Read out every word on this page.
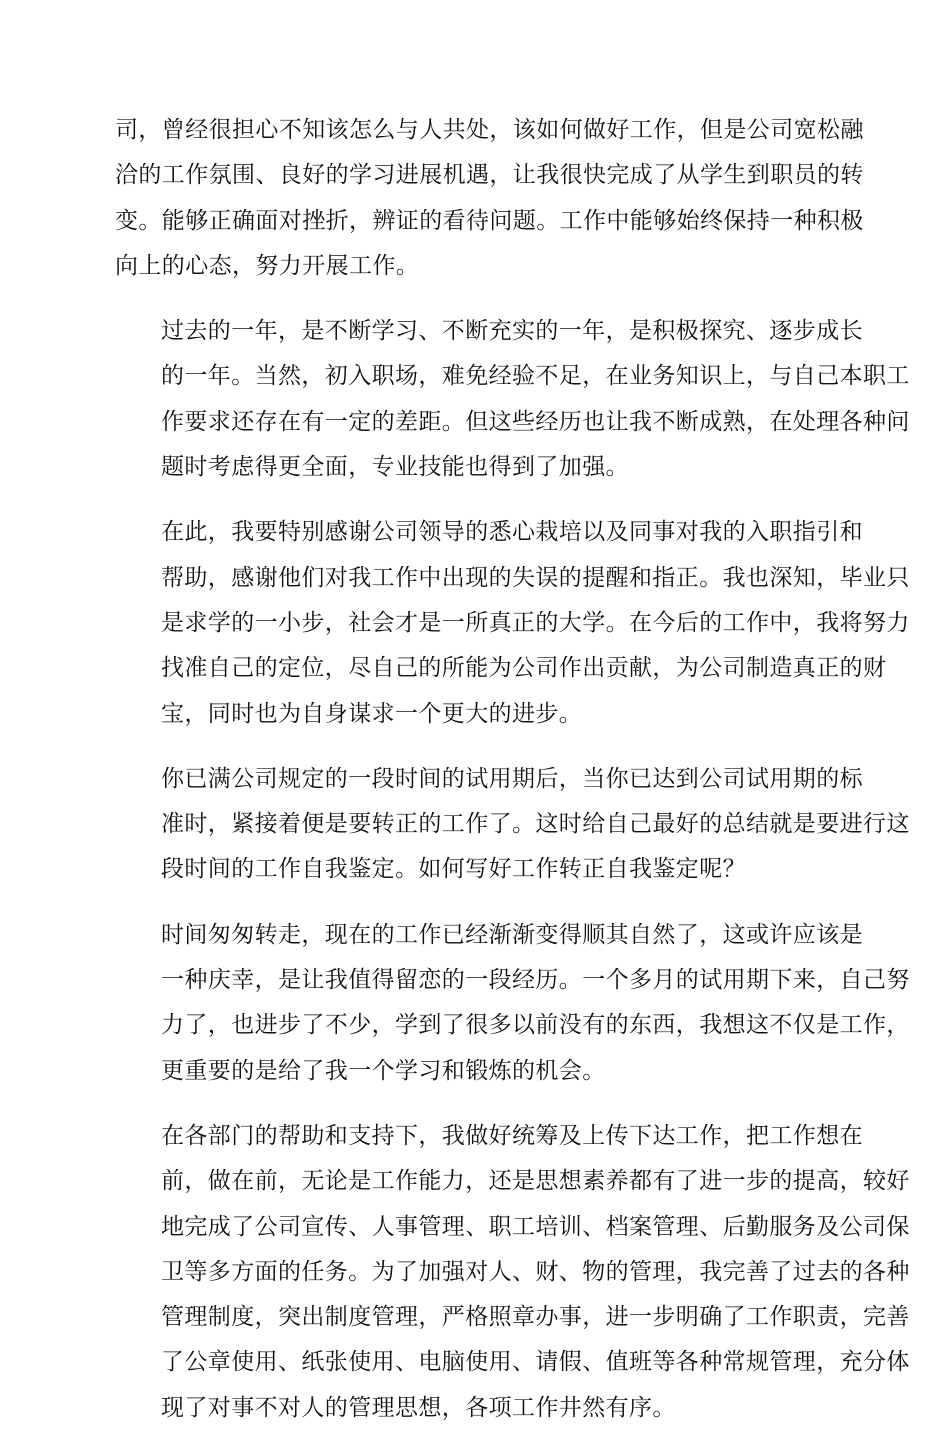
司，曾经很担心不知该怎么与人共处，该如何做好工作，但是公司宽松融
洽的工作氛围、良好的学习进展机遇，让我很快完成了从学生到职员的转
变。能够正确面对挫折，辨证的看待问题。工作中能够始终保持一种积极
向上的心态，努力开展工作。

过去的一年，是不断学习、不断充实的一年，是积极探究、逐步成长
的一年。当然，初入职场，难免经验不足，在业务知识上，与自己本职工
作要求还存在有一定的差距。但这些经历也让我不断成熟，在处理各种问
题时考虑得更全面，专业技能也得到了加强。

在此，我要特别感谢公司领导的悉心栽培以及同事对我的入职指引和
帮助，感谢他们对我工作中出现的失误的提醒和指正。我也深知，毕业只
是求学的一小步，社会才是一所真正的大学。在今后的工作中，我将努力
找准自己的定位，尽自己的所能为公司作出贡献，为公司制造真正的财
宝，同时也为自身谋求一个更大的进步。

你已满公司规定的一段时间的试用期后，当你已达到公司试用期的标
准时，紧接着便是要转正的工作了。这时给自己最好的总结就是要进行这
段时间的工作自我鉴定。如何写好工作转正自我鉴定呢？

时间匆匆转走，现在的工作已经渐渐变得顺其自然了，这或许应该是
一种庆幸，是让我值得留恋的一段经历。一个多月的试用期下来，自己努
力了，也进步了不少，学到了很多以前没有的东西，我想这不仅是工作，
更重要的是给了我一个学习和锻炼的机会。

在各部门的帮助和支持下，我做好统筹及上传下达工作，把工作想在
前，做在前，无论是工作能力，还是思想素养都有了进一步的提高，较好
地完成了公司宣传、人事管理、职工培训、档案管理、后勤服务及公司保
卫等多方面的任务。为了加强对人、财、物的管理，我完善了过去的各种
管理制度，突出制度管理，严格照章办事，进一步明确了工作职责，完善
了公章使用、纸张使用、电脑使用、请假、值班等各种常规管理，充分体
现了对事不对人的管理思想，各项工作井然有序。
